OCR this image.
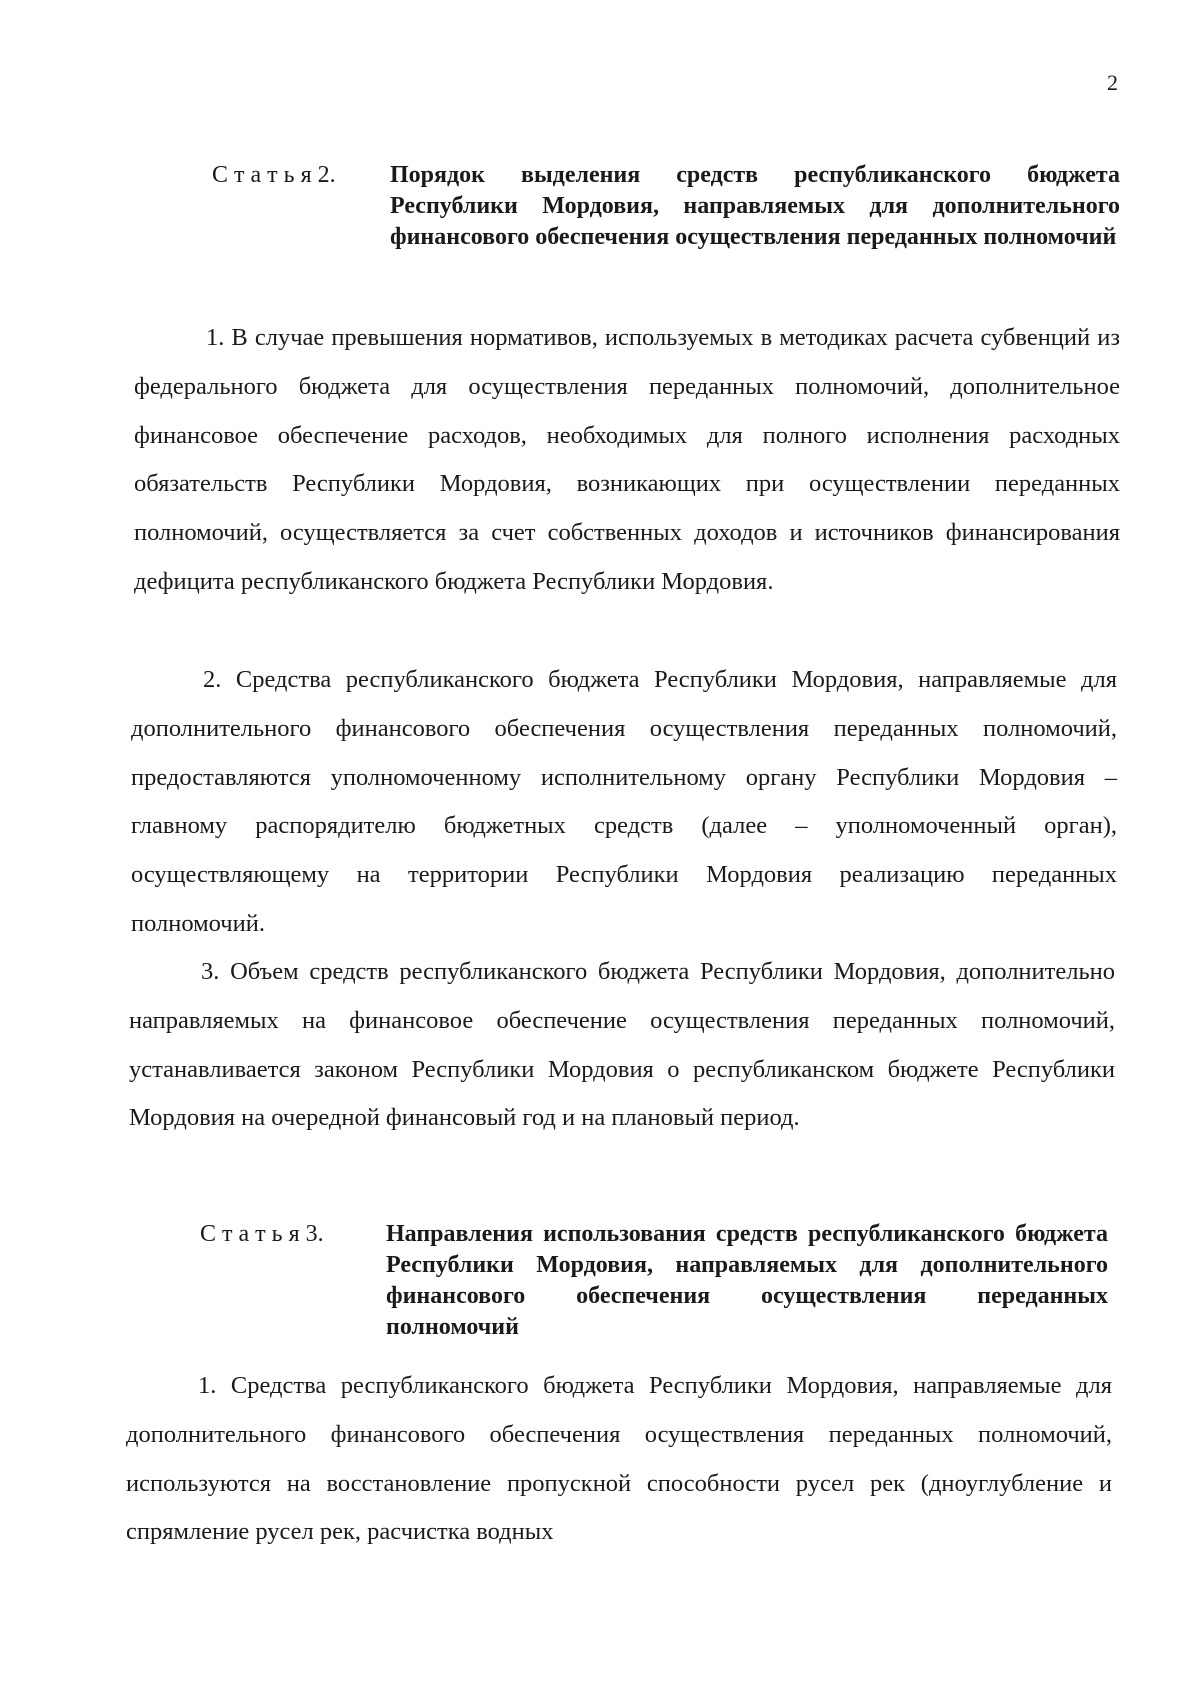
2
С т а т ь я 2. Порядок выделения средств республиканского бюджета Республики Мордовия, направляемых для дополнительного финансового обеспечения осуществления переданных полномочий
1. В случае превышения нормативов, используемых в методиках расчета субвенций из федерального бюджета для осуществления переданных полномочий, дополнительное финансовое обеспечение расходов, необходимых для полного исполнения расходных обязательств Республики Мордовия, возникающих при осуществлении переданных полномочий, осуществляется за счет собственных доходов и источников финансирования дефицита республиканского бюджета Республики Мордовия.
2. Средства республиканского бюджета Республики Мордовия, направляемые для дополнительного финансового обеспечения осуществления переданных полномочий, предоставляются уполномоченному исполнительному органу Республики Мордовия – главному распорядителю бюджетных средств (далее – уполномоченный орган), осуществляющему на территории Республики Мордовия реализацию переданных полномочий.
3. Объем средств республиканского бюджета Республики Мордовия, дополнительно направляемых на финансовое обеспечение осуществления переданных полномочий, устанавливается законом Республики Мордовия о республиканском бюджете Республики Мордовия на очередной финансовый год и на плановый период.
С т а т ь я 3.	Направления использования средств республиканского бюджета Республики Мордовия, направляемых для дополнительного финансового обеспечения осуществления переданных полномочий
1. Средства республиканского бюджета Республики Мордовия, направляемые для дополнительного финансового обеспечения осуществления переданных полномочий, используются на восстановление пропускной способности русел рек (дноуглубление и спрямление русел рек, расчистка водных
